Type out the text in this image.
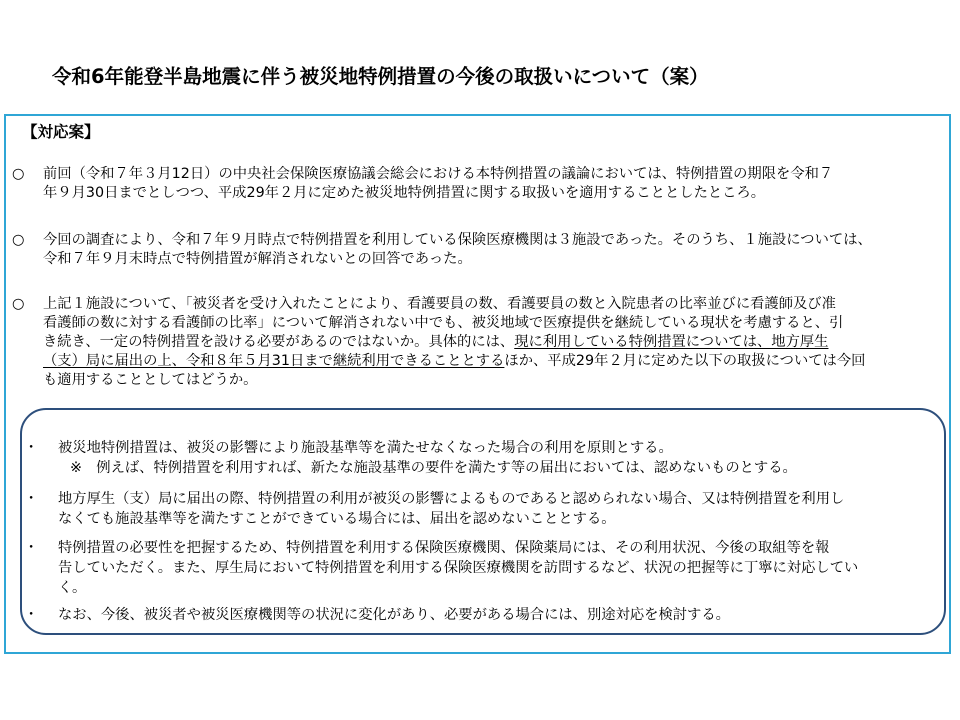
令和6年能登半島地震に伴う被災地特例措置の今後の取扱いについて（案）
【対応案】
○	前回（令和７年３月12日）の中央社会保険医療協議会総会における本特例措置の議論においては、特例措置の期限を令和７
年９月30日までとしつつ、平成29年２月に定めた被災地特例措置に関する取扱いを適用することとしたところ。
○	今回の調査により、令和７年９月時点で特例措置を利用している保険医療機関は３施設であった。そのうち、１施設については、
令和７年９月末時点で特例措置が解消されないとの回答であった。
○	上記１施設について、「被災者を受け入れたことにより、看護要員の数、看護要員の数と入院患者の比率並びに看護師及び准
看護師の数に対する看護師の比率」について解消されない中でも、被災地域で医療提供を継続している現状を考慮すると、引
き続き、一定の特例措置を設ける必要があるのではないか。具体的には、現に利用している特例措置については、地方厚生
（支）局に届出の上、令和８年５月31日まで継続利用できることとするほか、平成29年２月に定めた以下の取扱については今回
も適用することとしてはどうか。
・	被災地特例措置は、被災の影響により施設基準等を満たせなくなった場合の利用を原則とする。
※　例えば、特例措置を利用すれば、新たな施設基準の要件を満たす等の届出においては、認めないものとする。
・	地方厚生（支）局に届出の際、特例措置の利用が被災の影響によるものであると認められない場合、又は特例措置を利用し
なくても施設基準等を満たすことができている場合には、届出を認めないこととする。
・	特例措置の必要性を把握するため、特例措置を利用する保険医療機関、保険薬局には、その利用状況、今後の取組等を報
告していただく。また、厚生局において特例措置を利用する保険医療機関を訪問するなど、状況の把握等に丁寧に対応してい
く。
・	なお、今後、被災者や被災医療機関等の状況に変化があり、必要がある場合には、別途対応を検討する。
